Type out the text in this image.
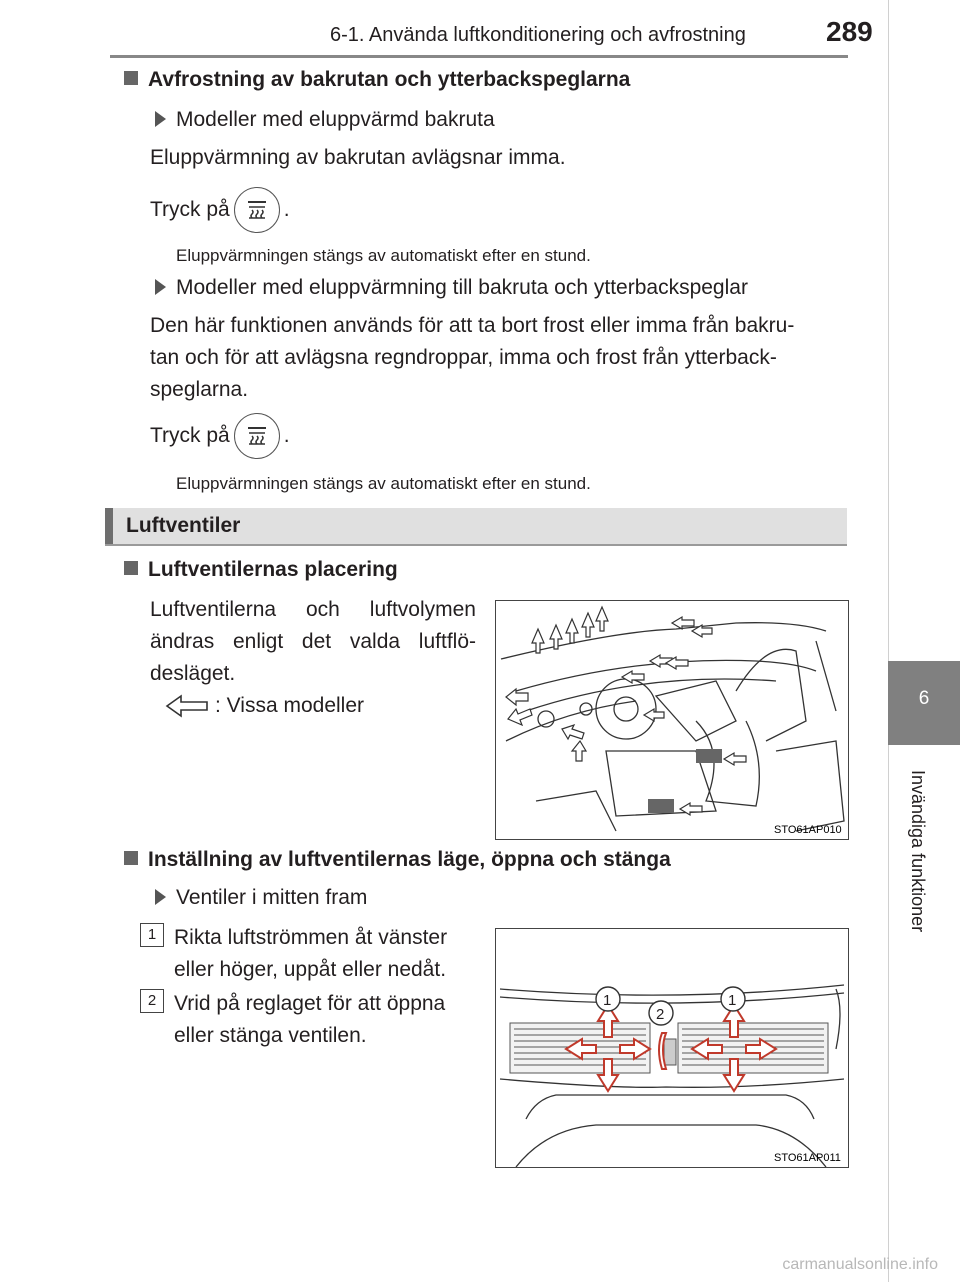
6-1. Använda luftkonditionering och avfrostning	289
6
Invändiga funktioner
Avfrostning av bakrutan och ytterbackspeglarna
Modeller med eluppvärmd bakruta
Eluppvärmning av bakrutan avlägsnar imma.
Tryck på	.
Eluppvärmningen stängs av automatiskt efter en stund.
Modeller med eluppvärmning till bakruta och ytterbackspeglar
Den här funktionen används för att ta bort frost eller imma från bakru-
tan och för att avlägsna regndroppar, imma och frost från ytterback-
speglarna.
Tryck på	.
Eluppvärmningen stängs av automatiskt efter en stund.
Luftventiler
Luftventilernas placering
Luftventilerna och luftvolymen
ändras enligt det valda luftflö-
desläget.
: Vissa modeller
STO61AP010
Inställning av luftventilernas läge, öppna och stänga
Ventiler i mitten fram
1 Rikta luftströmmen åt vänster
eller höger, uppåt eller nedåt.
2 Vrid på reglaget för att öppna
eller stänga ventilen.
1	1
2
STO61AP011
carmanualsonline.info
